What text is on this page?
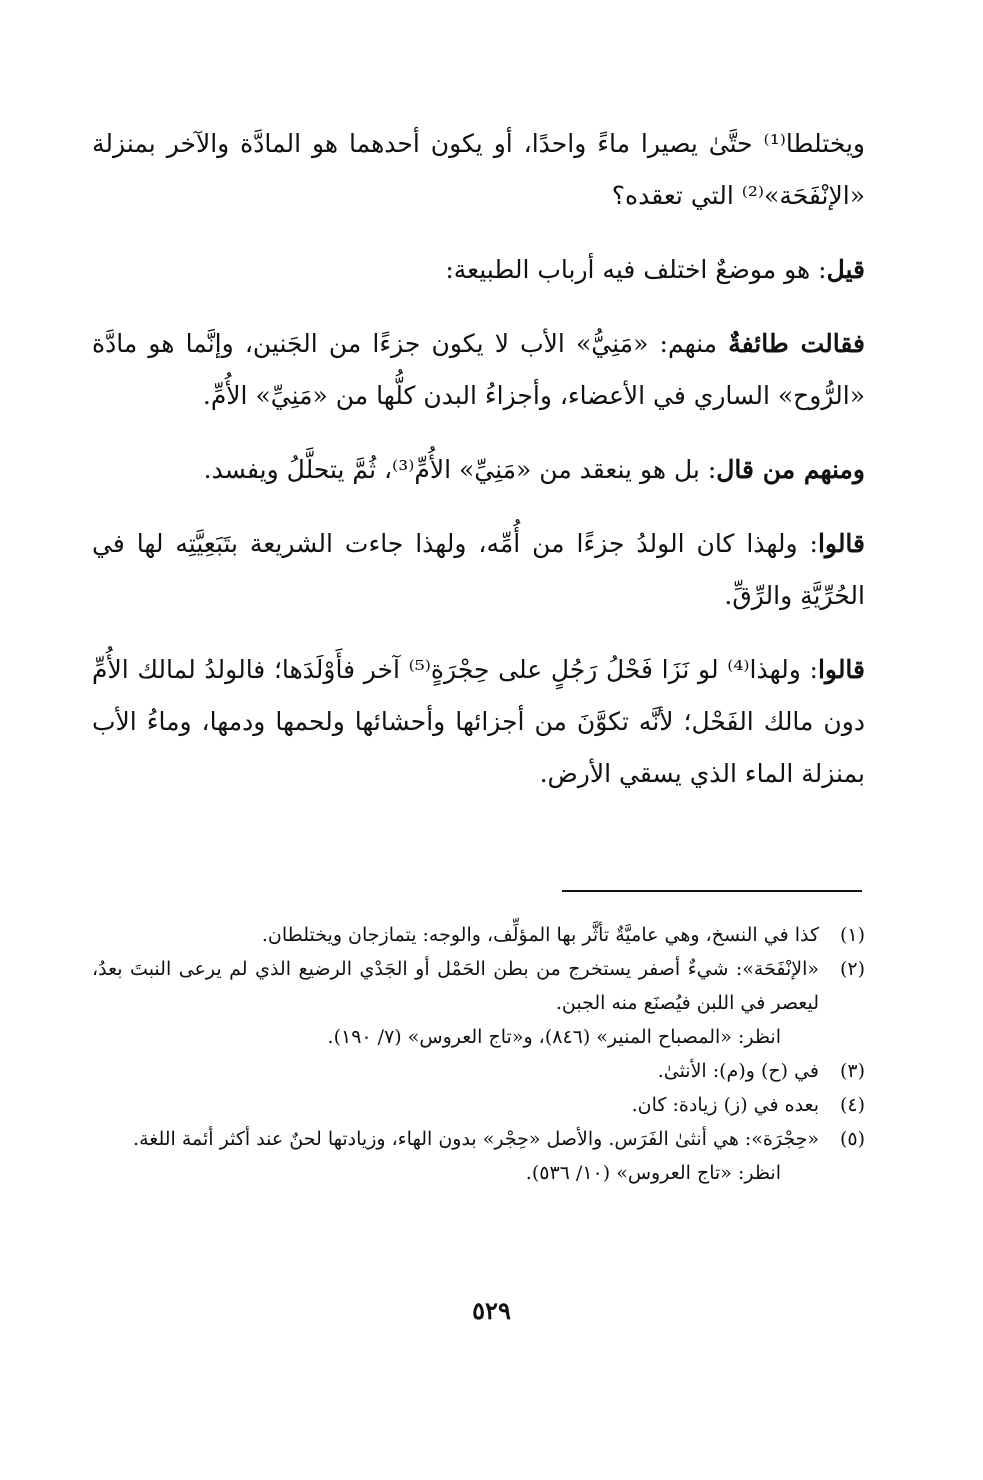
ويختلطا⁽¹⁾ حتَّىٰ يصيرا ماءً واحدًا، أو يكون أحدهما هو المادَّة والآخر بمنزلة «الإنْفَحَة»⁽²⁾ التي تعقده؟

قيل: هو موضعٌ اختلف فيه أرباب الطبيعة:

فقالت طائفةٌ منهم: «مَنِيُّ» الأب لا يكون جزءًا من الجَنين، وإنَّما هو مادَّة «الرُّوح» الساري في الأعضاء، وأجزاءُ البدن كلُّها من «مَنِيِّ» الأُمِّ.

ومنهم من قال: بل هو ينعقد من «مَنِيِّ» الأُمِّ⁽³⁾، ثُمَّ يتحلَّلُ ويفسد.

قالوا: ولهذا كان الولدُ جزءًا من أُمِّه، ولهذا جاءت الشريعة بتَبَعِيَّتِه لها في الحُرِّيَّةِ والرِّقِّ.

قالوا: ولهذا⁽⁴⁾ لو نَزَا فَحْلُ رَجُلٍ على حِجْرَةٍ⁽⁵⁾ آخر فأَوْلَدَها؛ فالولدُ لمالك الأُمِّ دون مالك الفَحْل؛ لأنَّه تكوَّنَ من أجزائها وأحشائها ولحمها ودمها، وماءُ الأب بمنزلة الماء الذي يسقي الأرض.

(١)
كذا في النسخ، وهي عاميَّةٌ تأثَّر بها المؤلِّف، والوجه: يتمازجان ويختلطان.
(٢)
«الإنْفَحَة»: شيءٌ أصفر يستخرج من بطن الحَمْل أو الجَدْي الرضيع الذي لم يرعى النبتَ بعدُ، ليعصر في اللبن فيُصنَع منه الجبن.
انظر: «المصباح المنير» (٨٤٦)، و«تاج العروس» (٧/ ١٩٠).
(٣)
في (ح) و(م): الأنثىٰ.
(٤)
بعده في (ز) زيادة: كان.
(٥)
«حِجْرَة»: هي أنثىٰ الفَرَس. والأصل «حِجْر» بدون الهاء، وزيادتها لحنٌ عند أكثر أئمة اللغة.
انظر: «تاج العروس» (١٠/ ٥٣٦).
٥٢٩
